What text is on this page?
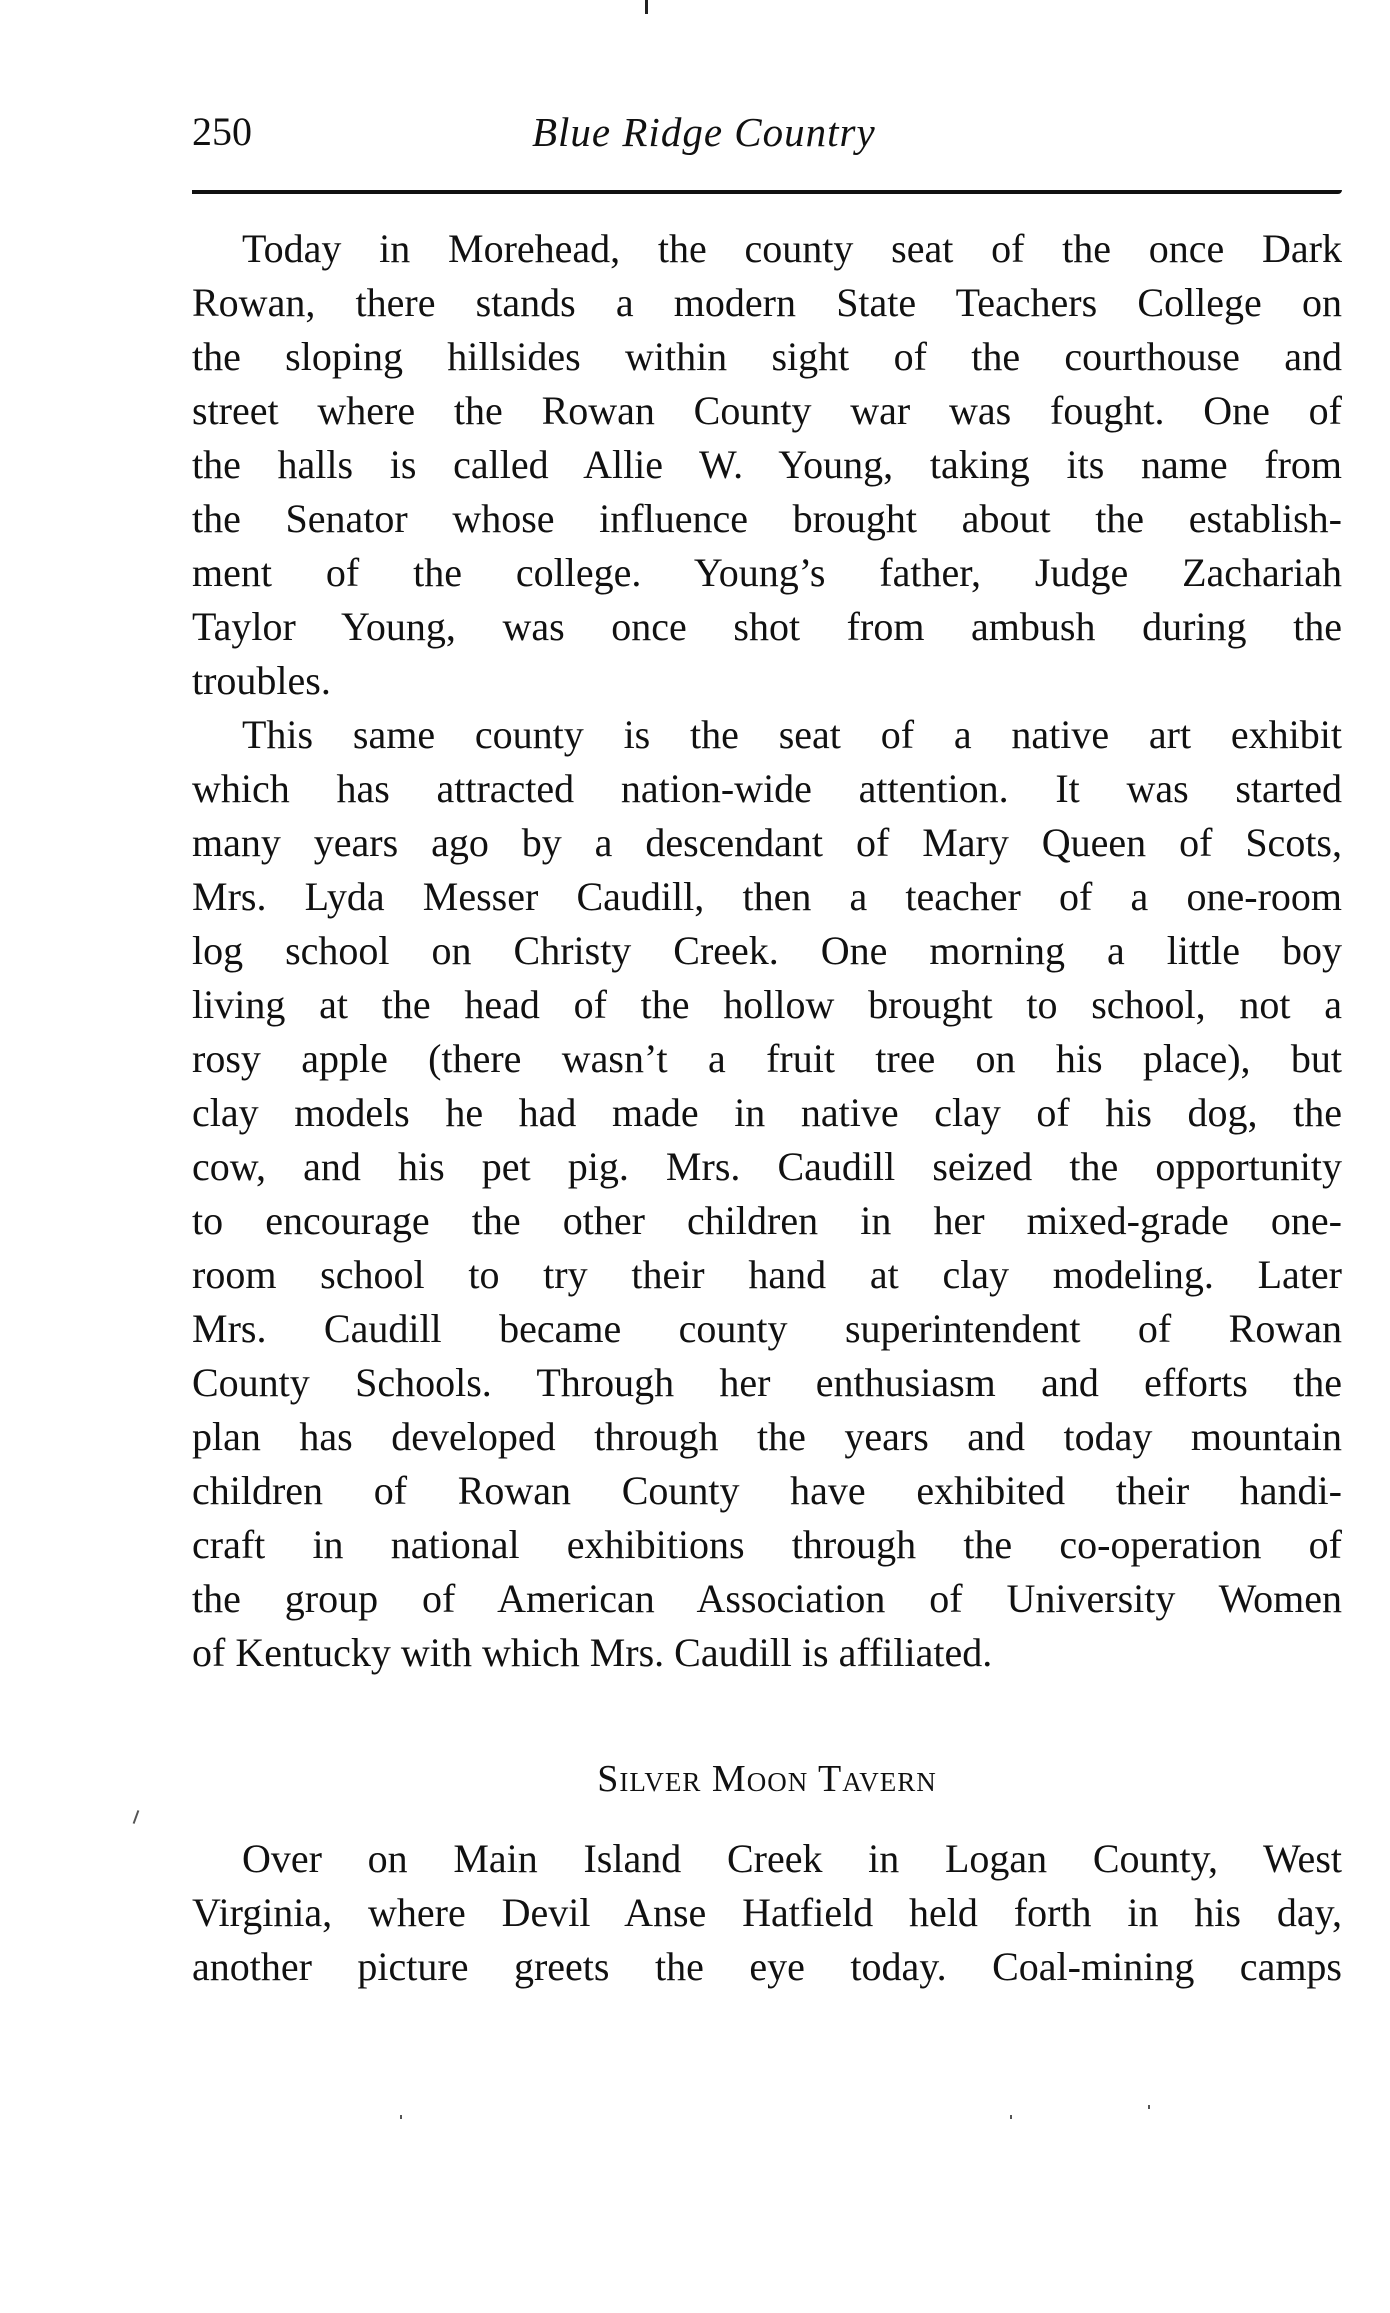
250	Blue Ridge Country
Today in Morehead, the county seat of the once Dark
Rowan, there stands a modern State Teachers College on
the sloping hillsides within sight of the courthouse and
street where the Rowan County war was fought. One of
the halls is called Allie W. Young, taking its name from
the Senator whose influence brought about the establish-
ment of the college. Young’s father, Judge Zachariah
Taylor Young, was once shot from ambush during the
troubles.
This same county is the seat of a native art exhibit
which has attracted nation-wide attention. It was started
many years ago by a descendant of Mary Queen of Scots,
Mrs. Lyda Messer Caudill, then a teacher of a one-room
log school on Christy Creek. One morning a little boy
living at the head of the hollow brought to school, not a
rosy apple (there wasn’t a fruit tree on his place), but
clay models he had made in native clay of his dog, the
cow, and his pet pig. Mrs. Caudill seized the opportunity
to encourage the other children in her mixed-grade one-
room school to try their hand at clay modeling. Later
Mrs. Caudill became county superintendent of Rowan
County Schools. Through her enthusiasm and efforts the
plan has developed through the years and today mountain
children of Rowan County have exhibited their handi-
craft in national exhibitions through the co-operation of
the group of American Association of University Women
of Kentucky with which Mrs. Caudill is affiliated.
Silver Moon Tavern
Over on Main Island Creek in Logan County, West
Virginia, where Devil Anse Hatfield held forth in his day,
another picture greets the eye today. Coal-mining camps
